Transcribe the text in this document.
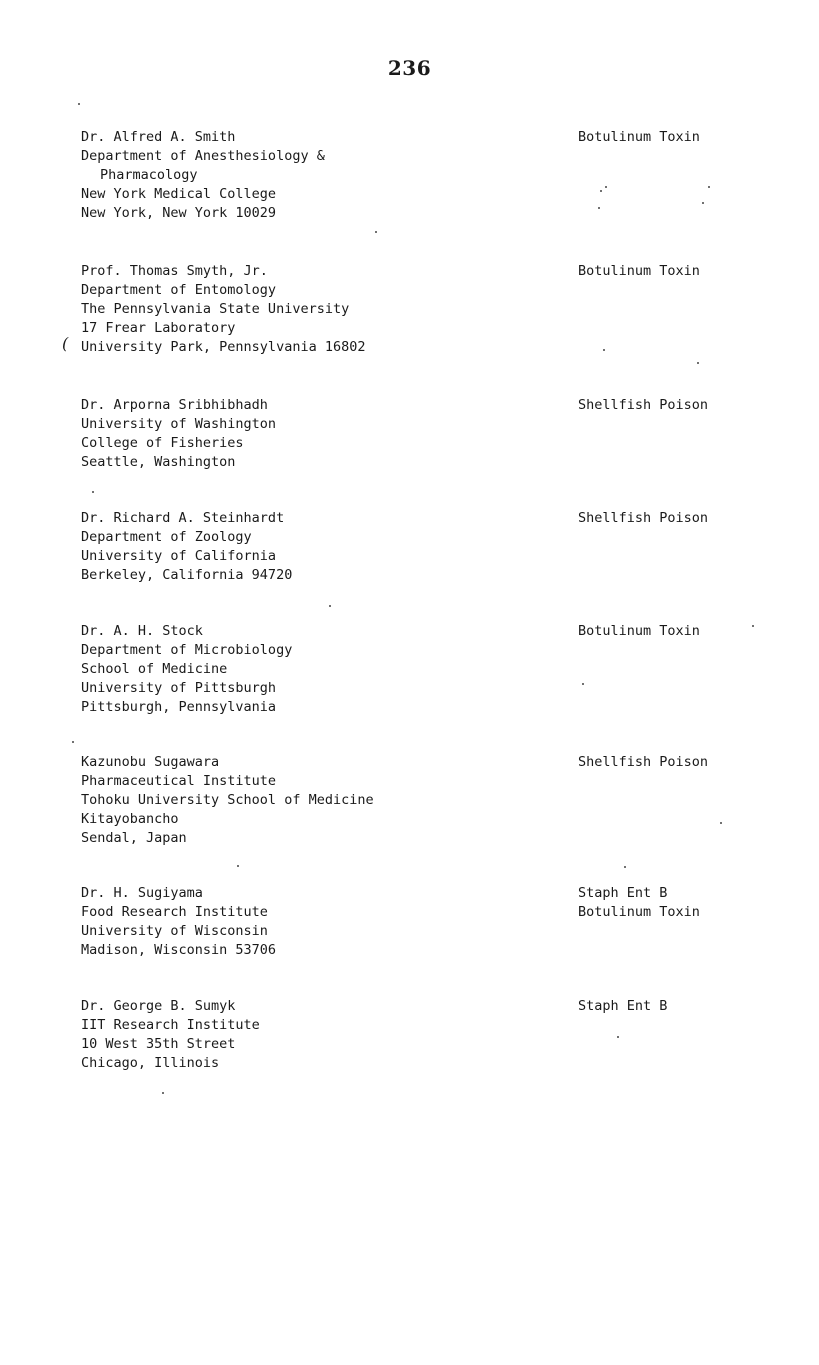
236
(
Dr. Alfred A. Smith
Department of Anesthesiology &
Pharmacology
New York Medical College
New York, New York 10029
Botulinum Toxin
Prof. Thomas Smyth, Jr.
Department of Entomology
The Pennsylvania State University
17 Frear Laboratory
University Park, Pennsylvania 16802
Botulinum Toxin
Dr. Arporna Sribhibhadh
University of Washington
College of Fisheries
Seattle, Washington
Shellfish Poison
Dr. Richard A. Steinhardt
Department of Zoology
University of California
Berkeley, California 94720
Shellfish Poison
Dr. A. H. Stock
Department of Microbiology
School of Medicine
University of Pittsburgh
Pittsburgh, Pennsylvania
Botulinum Toxin
Kazunobu Sugawara
Pharmaceutical Institute
Tohoku University School of Medicine
Kitayobancho
Sendal, Japan
Shellfish Poison
Dr. H. Sugiyama
Food Research Institute
University of Wisconsin
Madison, Wisconsin 53706
Staph Ent B
Botulinum Toxin
Dr. George B. Sumyk
IIT Research Institute
10 West 35th Street
Chicago, Illinois
Staph Ent B
